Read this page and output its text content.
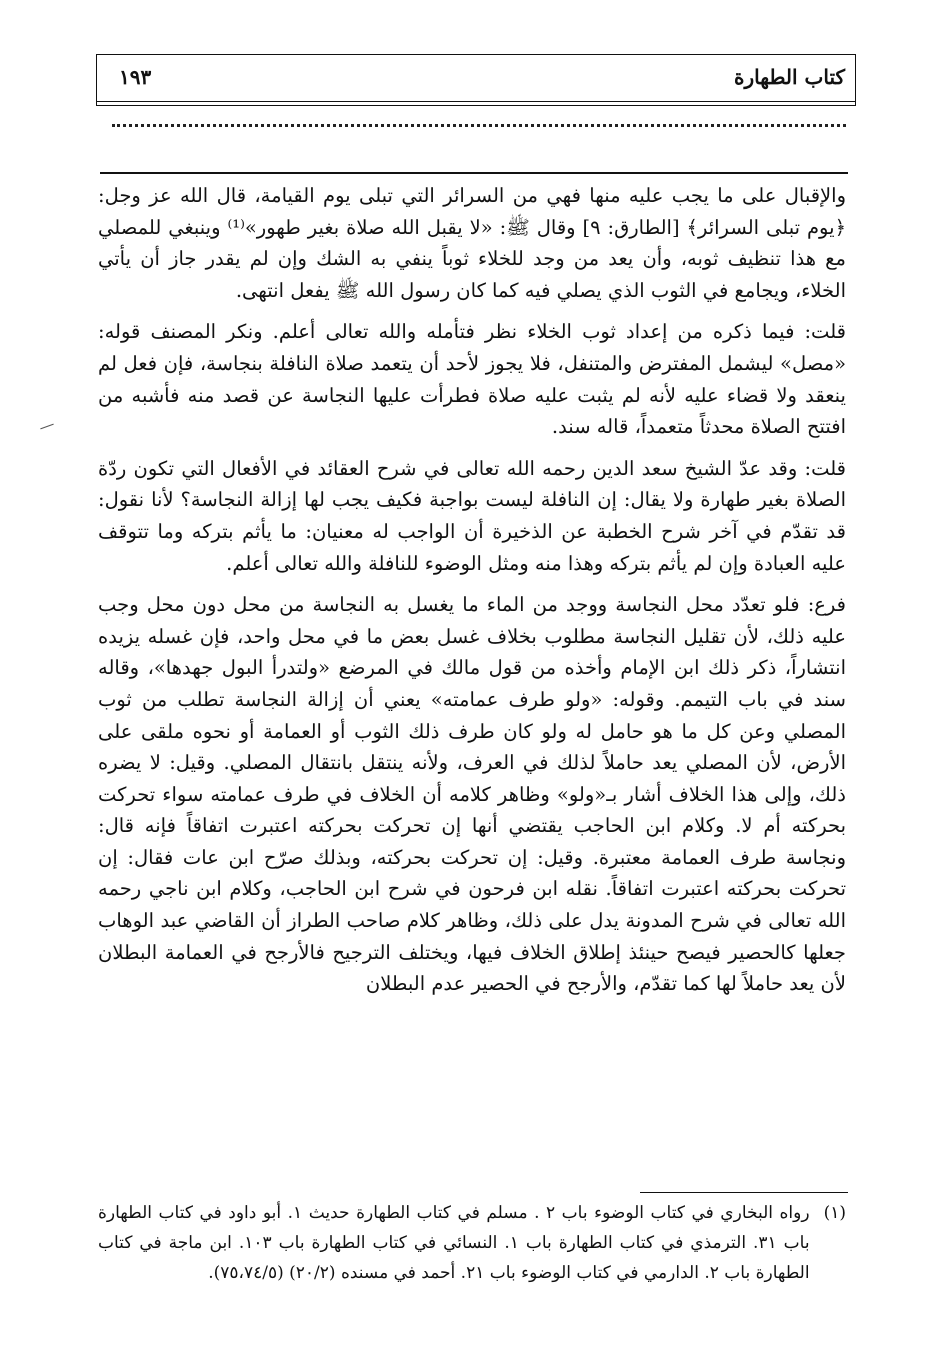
كتاب الطهارة
١٩٣

والإقبال على ما يجب عليه منها فهي من السرائر التي تبلى يوم القيامة، قال الله عز وجل: ﴿يوم تبلى السرائر﴾ [الطارق: ٩] وقال ﷺ: «لا يقبل الله صلاة بغير طهور»⁽¹⁾ وينبغي للمصلي مع هذا تنظيف ثوبه، وأن يعد من وجد للخلاء ثوباً ينفي به الشك وإن لم يقدر جاز أن يأتي الخلاء، ويجامع في الثوب الذي يصلي فيه كما كان رسول الله ﷺ يفعل انتهى.

قلت: فيما ذكره من إعداد ثوب الخلاء نظر فتأمله والله تعالى أعلم. ونكر المصنف قوله: «مصل» ليشمل المفترض والمتنفل، فلا يجوز لأحد أن يتعمد صلاة النافلة بنجاسة، فإن فعل لم ينعقد ولا قضاء عليه لأنه لم يثبت عليه صلاة فطرأت عليها النجاسة عن قصد منه فأشبه من افتتح الصلاة محدثاً متعمداً، قاله سند.

قلت: وقد عدّ الشيخ سعد الدين رحمه الله تعالى في شرح العقائد في الأفعال التي تكون ردّة الصلاة بغير طهارة ولا يقال: إن النافلة ليست بواجبة فكيف يجب لها إزالة النجاسة؟ لأنا نقول: قد تقدّم في آخر شرح الخطبة عن الذخيرة أن الواجب له معنيان: ما يأثم بتركه وما تتوقف عليه العبادة وإن لم يأثم بتركه وهذا منه ومثل الوضوء للنافلة والله تعالى أعلم.

فرع: فلو تعدّد محل النجاسة ووجد من الماء ما يغسل به النجاسة من محل دون محل وجب عليه ذلك، لأن تقليل النجاسة مطلوب بخلاف غسل بعض ما في محل واحد، فإن غسله يزيده انتشاراً، ذكر ذلك ابن الإمام وأخذه من قول مالك في المرضع «ولتدرأ البول جهدها»، وقاله سند في باب التيمم. وقوله: «ولو طرف عمامته» يعني أن إزالة النجاسة تطلب من ثوب المصلي وعن كل ما هو حامل له ولو كان طرف ذلك الثوب أو العمامة أو نحوه ملقى على الأرض، لأن المصلي يعد حاملاً لذلك في العرف، ولأنه ينتقل بانتقال المصلي. وقيل: لا يضره ذلك، وإلى هذا الخلاف أشار بـ«ولو» وظاهر كلامه أن الخلاف في طرف عمامته سواء تحركت بحركته أم لا. وكلام ابن الحاجب يقتضي أنها إن تحركت بحركته اعتبرت اتفاقاً فإنه قال: ونجاسة طرف العمامة معتبرة. وقيل: إن تحركت بحركته، وبذلك صرّح ابن عات فقال: إن تحركت بحركته اعتبرت اتفاقاً. نقله ابن فرحون في شرح ابن الحاجب، وكلام ابن ناجي رحمه الله تعالى في شرح المدونة يدل على ذلك، وظاهر كلام صاحب الطراز أن القاضي عبد الوهاب جعلها كالحصير فيصح حينئذ إطلاق الخلاف فيها، ويختلف الترجيح فالأرجح في العمامة البطلان لأن يعد حاملاً لها كما تقدّم، والأرجح في الحصير عدم البطلان

(١)
رواه البخاري في كتاب الوضوء باب ٢ . مسلم في كتاب الطهارة حديث ١. أبو داود في كتاب الطهارة باب ٣١. الترمذي في كتاب الطهارة باب ١. النسائي في كتاب الطهارة باب ١٠٣. ابن ماجة في كتاب الطهارة باب ٢. الدارمي في كتاب الوضوء باب ٢١. أحمد في مسنده (٢٠/٢) (٧٥،٧٤/٥).
